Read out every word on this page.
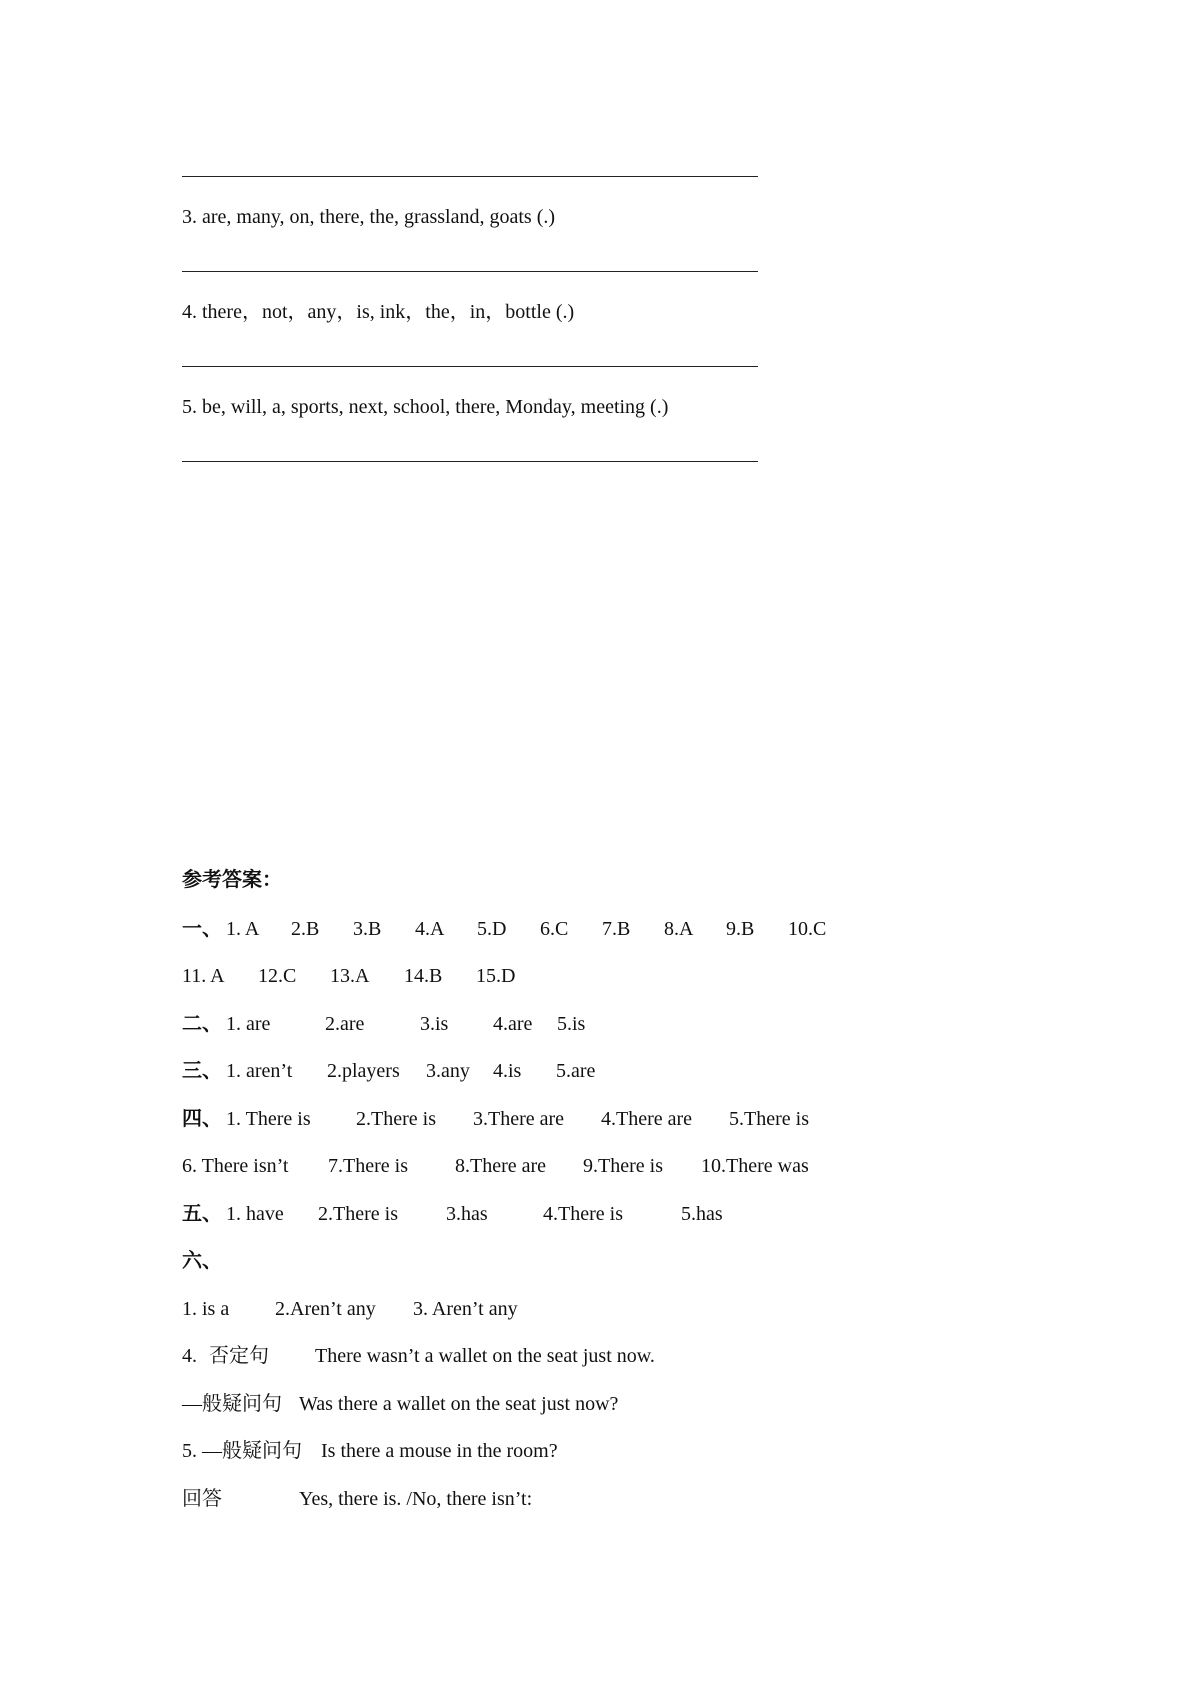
3. are, many, on, there, the, grassland, goats (.)
4. there，not，any，is, ink，the，in，bottle (.)
5. be, will, a, sports, next, school, there, Monday, meeting (.)
参考答案：

一、

1. A

2.B

3.B

4.A

5.D

6.C

7.B

8.A

9.B

10.C

11. A

12.C

13.A

14.B

15.D

二、

1. are

	2.are

	3.is

4.are

5.is

三、

1. aren’t

2.players

3.any

4.is

5.are

四、

1. There is

2.There is

3.There are

4.There are

5.There is

6. There isn’t

7.There is

8.There are

9.There is

10.There was

五、

1. have

2.There is

3.has

	4.There is

	5.has

六、

1. is a

2.Aren’t any

3. Aren’t any

4.

否定句

There wasn’t a wallet on the seat just now.

—般疑问句

Was there a wallet on the seat just now?

5. —般疑问句

Is there a mouse in the room?

回答

	Yes, there is. /No, there isn’t:
